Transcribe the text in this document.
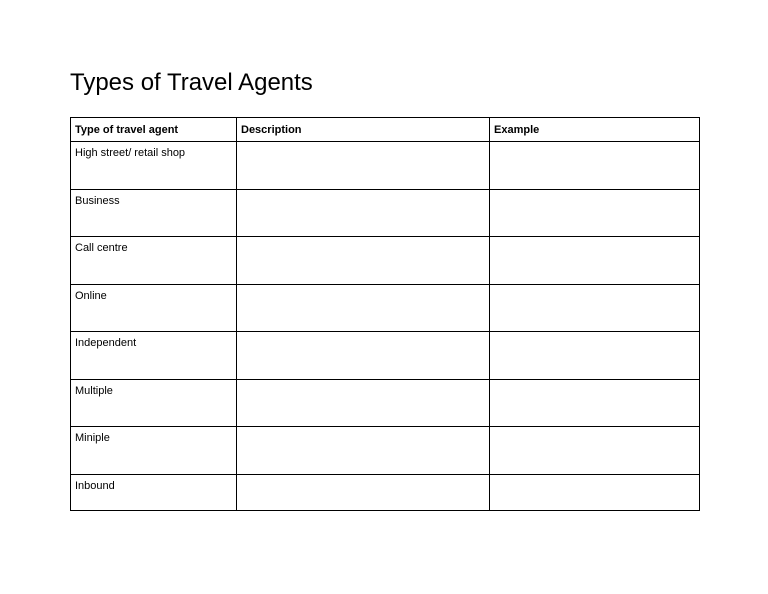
Types of Travel Agents
Type of travel agent	Description	Example
High street/ retail shop		
Business		
Call centre		
Online		
Independent		
Multiple		
Miniple		
Inbound		
